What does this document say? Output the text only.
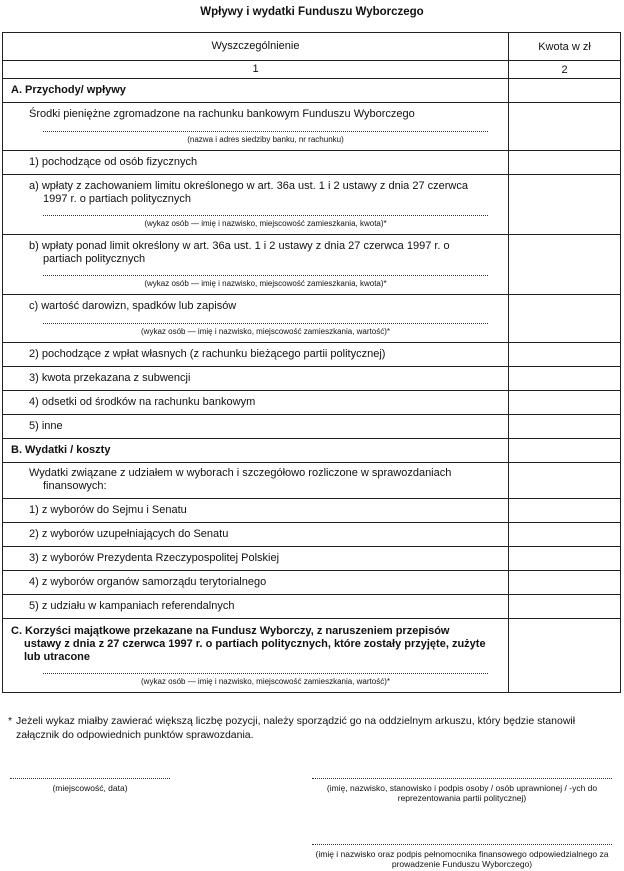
Wpływy i wydatki Funduszu Wyborczego
Wyszczególnienie	Kwota w zł
1	2
A. Przychody/ wpływy
Środki pieniężne zgromadzone na rachunku bankowym Funduszu Wyborczego
(nazwa i adres siedziby banku, nr rachunku)
1) pochodzące od osób fizycznych
a) wpłaty z zachowaniem limitu określonego w art. 36a ust. 1 i 2 ustawy z dnia 27 czerwca 1997 r. o partiach politycznych
(wykaz osób — imię i nazwisko, miejscowość zamieszkania, kwota)*
b) wpłaty ponad limit określony w art. 36a ust. 1 i 2 ustawy z dnia 27 czerwca 1997 r. o partiach politycznych
(wykaz osób — imię i nazwisko, miejscowość zamieszkania, kwota)*
c) wartość darowizn, spadków lub zapisów
(wykaz osób — imię i nazwisko, miejscowość zamieszkania, wartość)*
2) pochodzące z wpłat własnych (z rachunku bieżącego partii politycznej)
3) kwota przekazana z subwencji
4) odsetki od środków na rachunku bankowym
5) inne
B. Wydatki / koszty
Wydatki związane z udziałem w wyborach i szczegółowo rozliczone w sprawozdaniach finansowych:
1) z wyborów do Sejmu i Senatu
2) z wyborów uzupełniających do Senatu
3) z wyborów Prezydenta Rzeczypospolitej Polskiej
4) z wyborów organów samorządu terytorialnego
5) z udziału w kampaniach referendalnych
C. Korzyści majątkowe przekazane na Fundusz Wyborczy, z naruszeniem przepisów ustawy z dnia z 27 czerwca 1997 r. o partiach politycznych, które zostały przyjęte, zużyte lub utracone
(wykaz osób — imię i nazwisko, miejscowość zamieszkania, wartość)*
* Jeżeli wykaz miałby zawierać większą liczbę pozycji, należy sporządzić go na oddzielnym arkuszu, który będzie stanowił załącznik do odpowiednich punktów sprawozdania.
(miejscowość, data)	(imię, nazwisko, stanowisko i podpis osoby / osób uprawnionej / -ych do reprezentowania partii politycznej)
(imię i nazwisko oraz podpis pełnomocnika finansowego odpowiedzialnego za prowadzenie Funduszu Wyborczego)
